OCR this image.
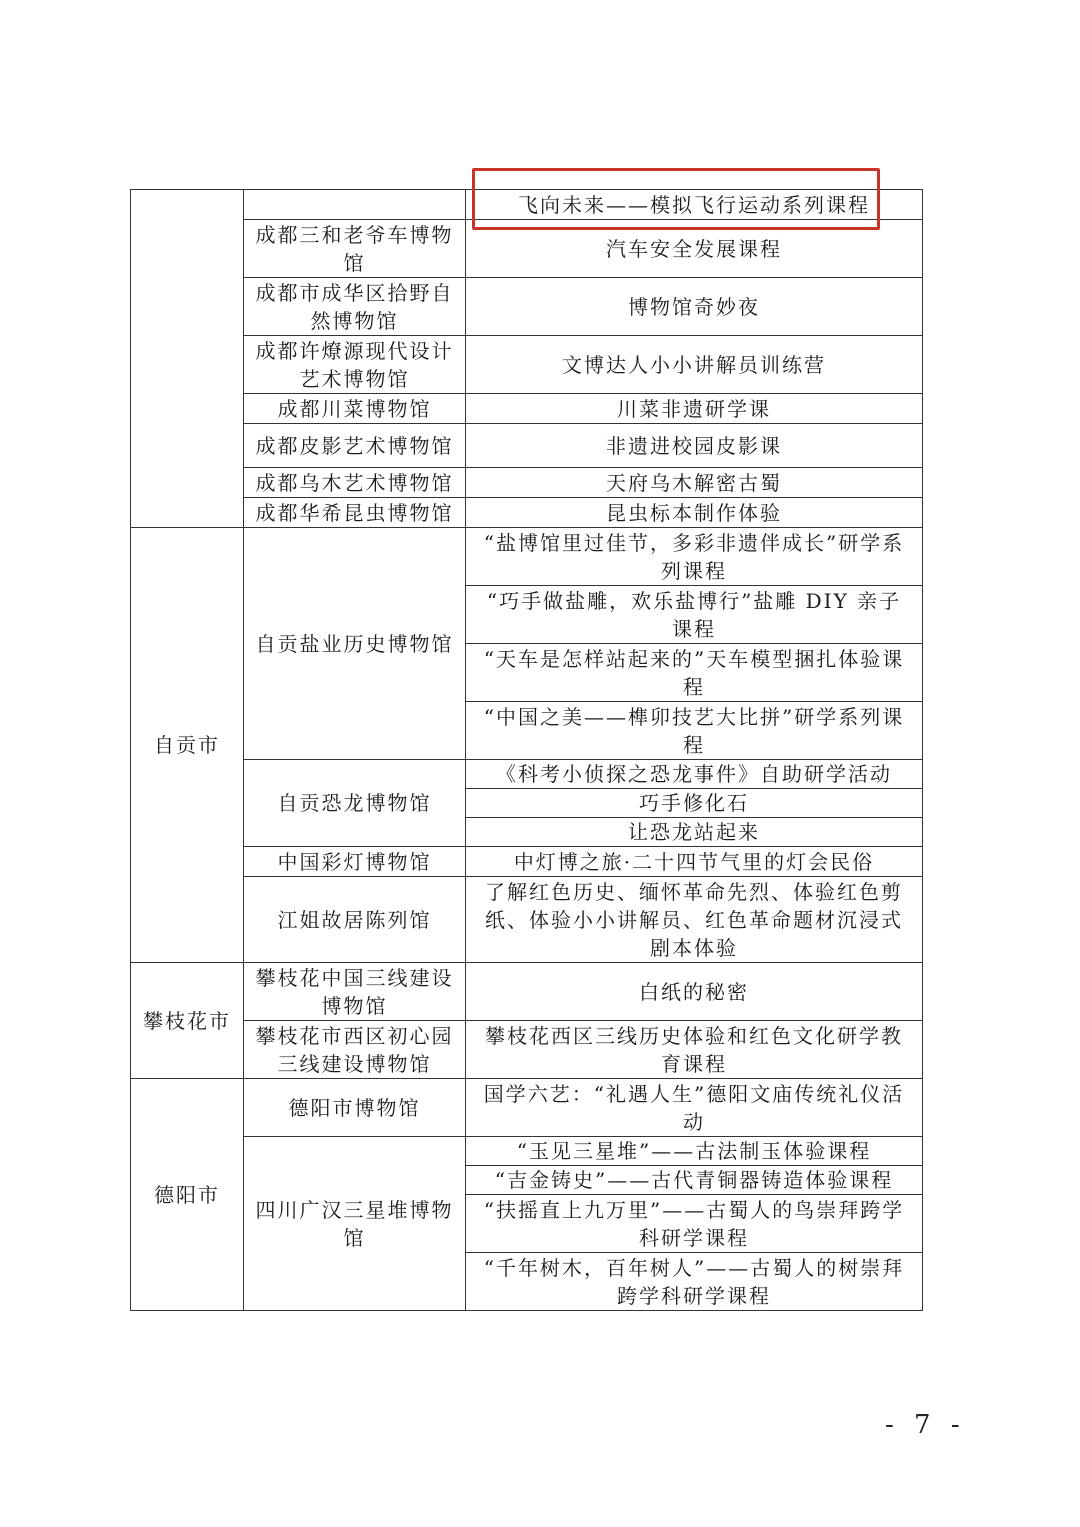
		飞向未来——模拟飞行运动系列课程
	成都三和老爷车博物馆	汽车安全发展课程
	成都市成华区拾野自然博物馆	博物馆奇妙夜
	成都许燎源现代设计艺术博物馆	文博达人小小讲解员训练营
	成都川菜博物馆	川菜非遗研学课
	成都皮影艺术博物馆	非遗进校园皮影课
	成都乌木艺术博物馆	天府乌木解密古蜀
	成都华希昆虫博物馆	昆虫标本制作体验
自贡市	自贡盐业历史博物馆	“盐博馆里过佳节，多彩非遗伴成长”研学系列课程
		“巧手做盐雕，欢乐盐博行”盐雕 DIY 亲子课程
		“天车是怎样站起来的”天车模型捆扎体验课程
		“中国之美——榫卯技艺大比拼”研学系列课程
	自贡恐龙博物馆	《科考小侦探之恐龙事件》自助研学活动
		巧手修化石
		让恐龙站起来
	中国彩灯博物馆	中灯博之旅·二十四节气里的灯会民俗
	江姐故居陈列馆	了解红色历史、缅怀革命先烈、体验红色剪纸、体验小小讲解员、红色革命题材沉浸式剧本体验
攀枝花市	攀枝花中国三线建设博物馆	白纸的秘密
	攀枝花市西区初心园三线建设博物馆	攀枝花西区三线历史体验和红色文化研学教育课程
德阳市	德阳市博物馆	国学六艺：“礼遇人生”德阳文庙传统礼仪活动
	四川广汉三星堆博物馆	“玉见三星堆”——古法制玉体验课程
		“吉金铸史”——古代青铜器铸造体验课程
		“扶摇直上九万里”——古蜀人的鸟崇拜跨学科研学课程
		“千年树木，百年树人”——古蜀人的树崇拜跨学科研学课程
- 7 -
